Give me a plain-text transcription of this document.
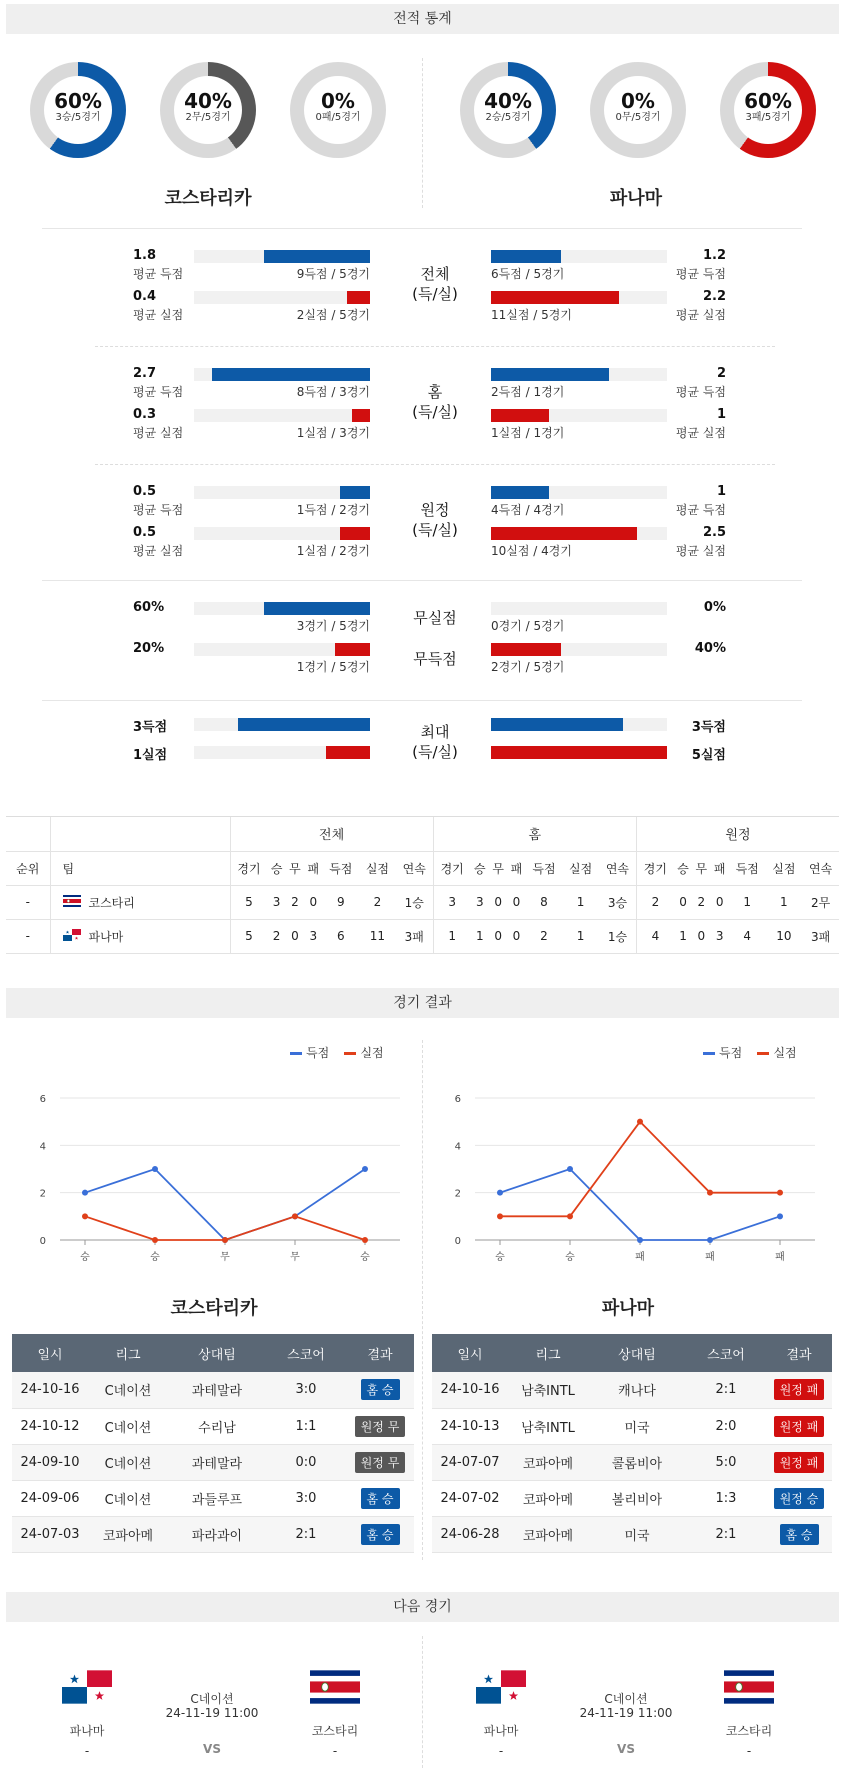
전적 통계
60%
3승/5경기
40%
2무/5경기
0%
0패/5경기
40%
2승/5경기
0%
0무/5경기
60%
3패/5경기
코스타리카	파나마
1.8
평균 득점
1.2
평균 득점
9득점 / 5경기	6득점 / 5경기
0.4
평균 실점
2.2
평균 실점
2실점 / 5경기	11실점 / 5경기
전체
(득/실)
2.7
평균 득점
2
평균 득점
8득점 / 3경기	2득점 / 1경기
0.3
평균 실점
1
평균 실점
1실점 / 3경기	1실점 / 1경기
홈
(득/실)
0.5
평균 득점
1
평균 득점
1득점 / 2경기	4득점 / 4경기
0.5
평균 실점
2.5
평균 실점
1실점 / 2경기	10실점 / 4경기
원정
(득/실)
60%	0%
3경기 / 5경기	0경기 / 5경기
무실점
20%	40%
1경기 / 5경기	2경기 / 5경기
무득점
3득점	3득점
1실점	5실점
최대
(득/실)
		전체							홈							원정						
순위	팀	경기	승	무	패	득점	실점	연속	경기	승	무	패	득점	실점	연속	경기	승	무	패	득점	실점	연속
-	코스타리	5	3	2	0	9	2	1승	3	3	0	0	8	1	3승	2	0	2	0	1	1	2무
-	파나마	5	2	0	3	6	11	3패	1	1	0	0	2	1	1승	4	1	0	3	4	10	3패
경기 결과
득점	실점	득점	실점
0
2
4
6
승	승	무	무	승
0
2
4
6
승	승	패	패	패
코스타리카	파나마
일시	리그	상대팀	스코어	결과
24-10-16	C네이션	과테말라	3:0	홈 승
24-10-12	C네이션	수리남	1:1	원정 무
24-09-10	C네이션	과테말라	0:0	원정 무
24-09-06	C네이션	과들루프	3:0	홈 승
24-07-03	코파아메	파라과이	2:1	홈 승
일시	리그	상대팀	스코어	결과
24-10-16	남축INTL	캐나다	2:1	원정 패
24-10-13	남축INTL	미국	2:0	원정 패
24-07-07	코파아메	콜롬비아	5:0	원정 패
24-07-02	코파아메	볼리비아	1:3	원정 승
24-06-28	코파아메	미국	2:1	홈 승
다음 경기
파나마
-
코스타리
-
C네이션
24-11-19 11:00
VS
파나마
-
코스타리
-
C네이션
24-11-19 11:00
VS
